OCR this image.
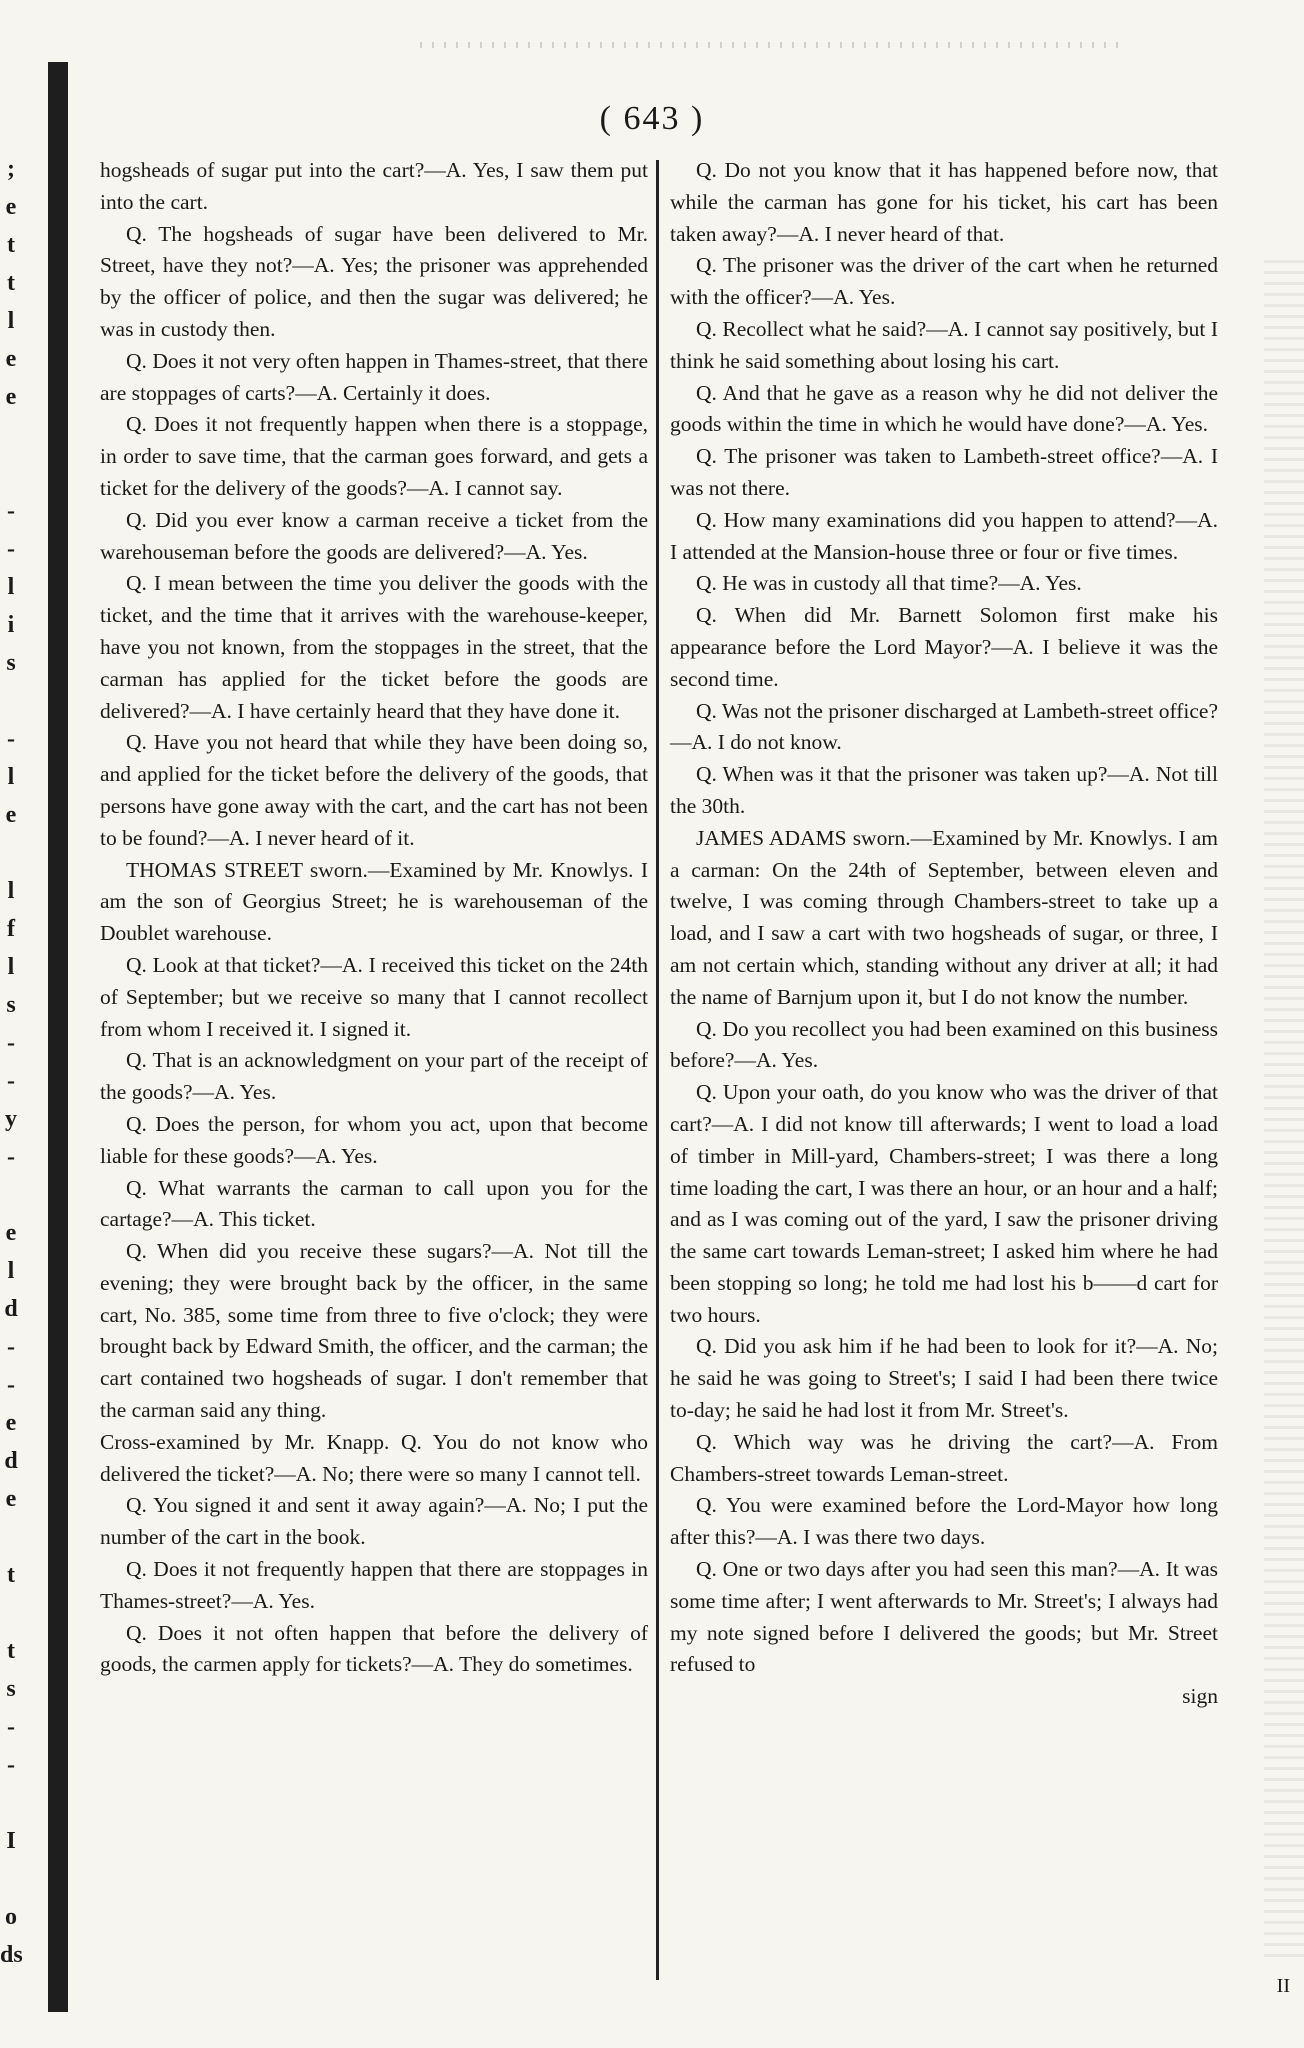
;
e
t
t
l
e
e
-
-
l
i
s
-
l
e
l
f
l
s
-
-
y
-
e
l
d
-
-
e
d
e
t
t
s
-
-
I
o
ds
II
( 643 )

hogsheads of sugar put into the cart?—A. Yes, I saw them put into the cart.

Q. The hogsheads of sugar have been delivered to Mr. Street, have they not?—A. Yes; the prisoner was apprehended by the officer of police, and then the sugar was delivered; he was in custody then.

Q. Does it not very often happen in Thames-street, that there are stoppages of carts?—A. Certainly it does.

Q. Does it not frequently happen when there is a stoppage, in order to save time, that the carman goes forward, and gets a ticket for the delivery of the goods?—A. I cannot say.

Q. Did you ever know a carman receive a ticket from the warehouseman before the goods are delivered?—A. Yes.

Q. I mean between the time you deliver the goods with the ticket, and the time that it arrives with the warehouse-keeper, have you not known, from the stoppages in the street, that the carman has applied for the ticket before the goods are delivered?—A. I have certainly heard that they have done it.

Q. Have you not heard that while they have been doing so, and applied for the ticket before the delivery of the goods, that persons have gone away with the cart, and the cart has not been to be found?—A. I never heard of it.

THOMAS STREET sworn.—Examined by Mr. Knowlys. I am the son of Georgius Street; he is warehouseman of the Doublet warehouse.

Q. Look at that ticket?—A. I received this ticket on the 24th of September; but we receive so many that I cannot recollect from whom I received it. I signed it.

Q. That is an acknowledgment on your part of the receipt of the goods?—A. Yes.

Q. Does the person, for whom you act, upon that become liable for these goods?—A. Yes.

Q. What warrants the carman to call upon you for the cartage?—A. This ticket.

Q. When did you receive these sugars?—A. Not till the evening; they were brought back by the officer, in the same cart, No. 385, some time from three to five o'clock; they were brought back by Edward Smith, the officer, and the carman; the cart contained two hogsheads of sugar. I don't remember that the carman said any thing.

Cross-examined by Mr. Knapp. Q. You do not know who delivered the ticket?—A. No; there were so many I cannot tell.

Q. You signed it and sent it away again?—A. No; I put the number of the cart in the book.

Q. Does it not frequently happen that there are stoppages in Thames-street?—A. Yes.

Q. Does it not often happen that before the delivery of goods, the carmen apply for tickets?—A. They do sometimes.

Q. Do not you know that it has happened before now, that while the carman has gone for his ticket, his cart has been taken away?—A. I never heard of that.

Q. The prisoner was the driver of the cart when he returned with the officer?—A. Yes.

Q. Recollect what he said?—A. I cannot say positively, but I think he said something about losing his cart.

Q. And that he gave as a reason why he did not deliver the goods within the time in which he would have done?—A. Yes.

Q. The prisoner was taken to Lambeth-street office?—A. I was not there.

Q. How many examinations did you happen to attend?—A. I attended at the Mansion-house three or four or five times.

Q. He was in custody all that time?—A. Yes.

Q. When did Mr. Barnett Solomon first make his appearance before the Lord Mayor?—A. I believe it was the second time.

Q. Was not the prisoner discharged at Lambeth-street office?—A. I do not know.

Q. When was it that the prisoner was taken up?—A. Not till the 30th.

JAMES ADAMS sworn.—Examined by Mr. Knowlys. I am a carman: On the 24th of September, between eleven and twelve, I was coming through Chambers-street to take up a load, and I saw a cart with two hogsheads of sugar, or three, I am not certain which, standing without any driver at all; it had the name of Barnjum upon it, but I do not know the number.

Q. Do you recollect you had been examined on this business before?—A. Yes.

Q. Upon your oath, do you know who was the driver of that cart?—A. I did not know till afterwards; I went to load a load of timber in Mill-yard, Chambers-street; I was there a long time loading the cart, I was there an hour, or an hour and a half; and as I was coming out of the yard, I saw the prisoner driving the same cart towards Leman-street; I asked him where he had been stopping so long; he told me had lost his b——d cart for two hours.

Q. Did you ask him if he had been to look for it?—A. No; he said he was going to Street's; I said I had been there twice to-day; he said he had lost it from Mr. Street's.

Q. Which way was he driving the cart?—A. From Chambers-street towards Leman-street.

Q. You were examined before the Lord-Mayor how long after this?—A. I was there two days.

Q. One or two days after you had seen this man?—A. It was some time after; I went afterwards to Mr. Street's; I always had my note signed before I delivered the goods; but Mr. Street refused to

sign
